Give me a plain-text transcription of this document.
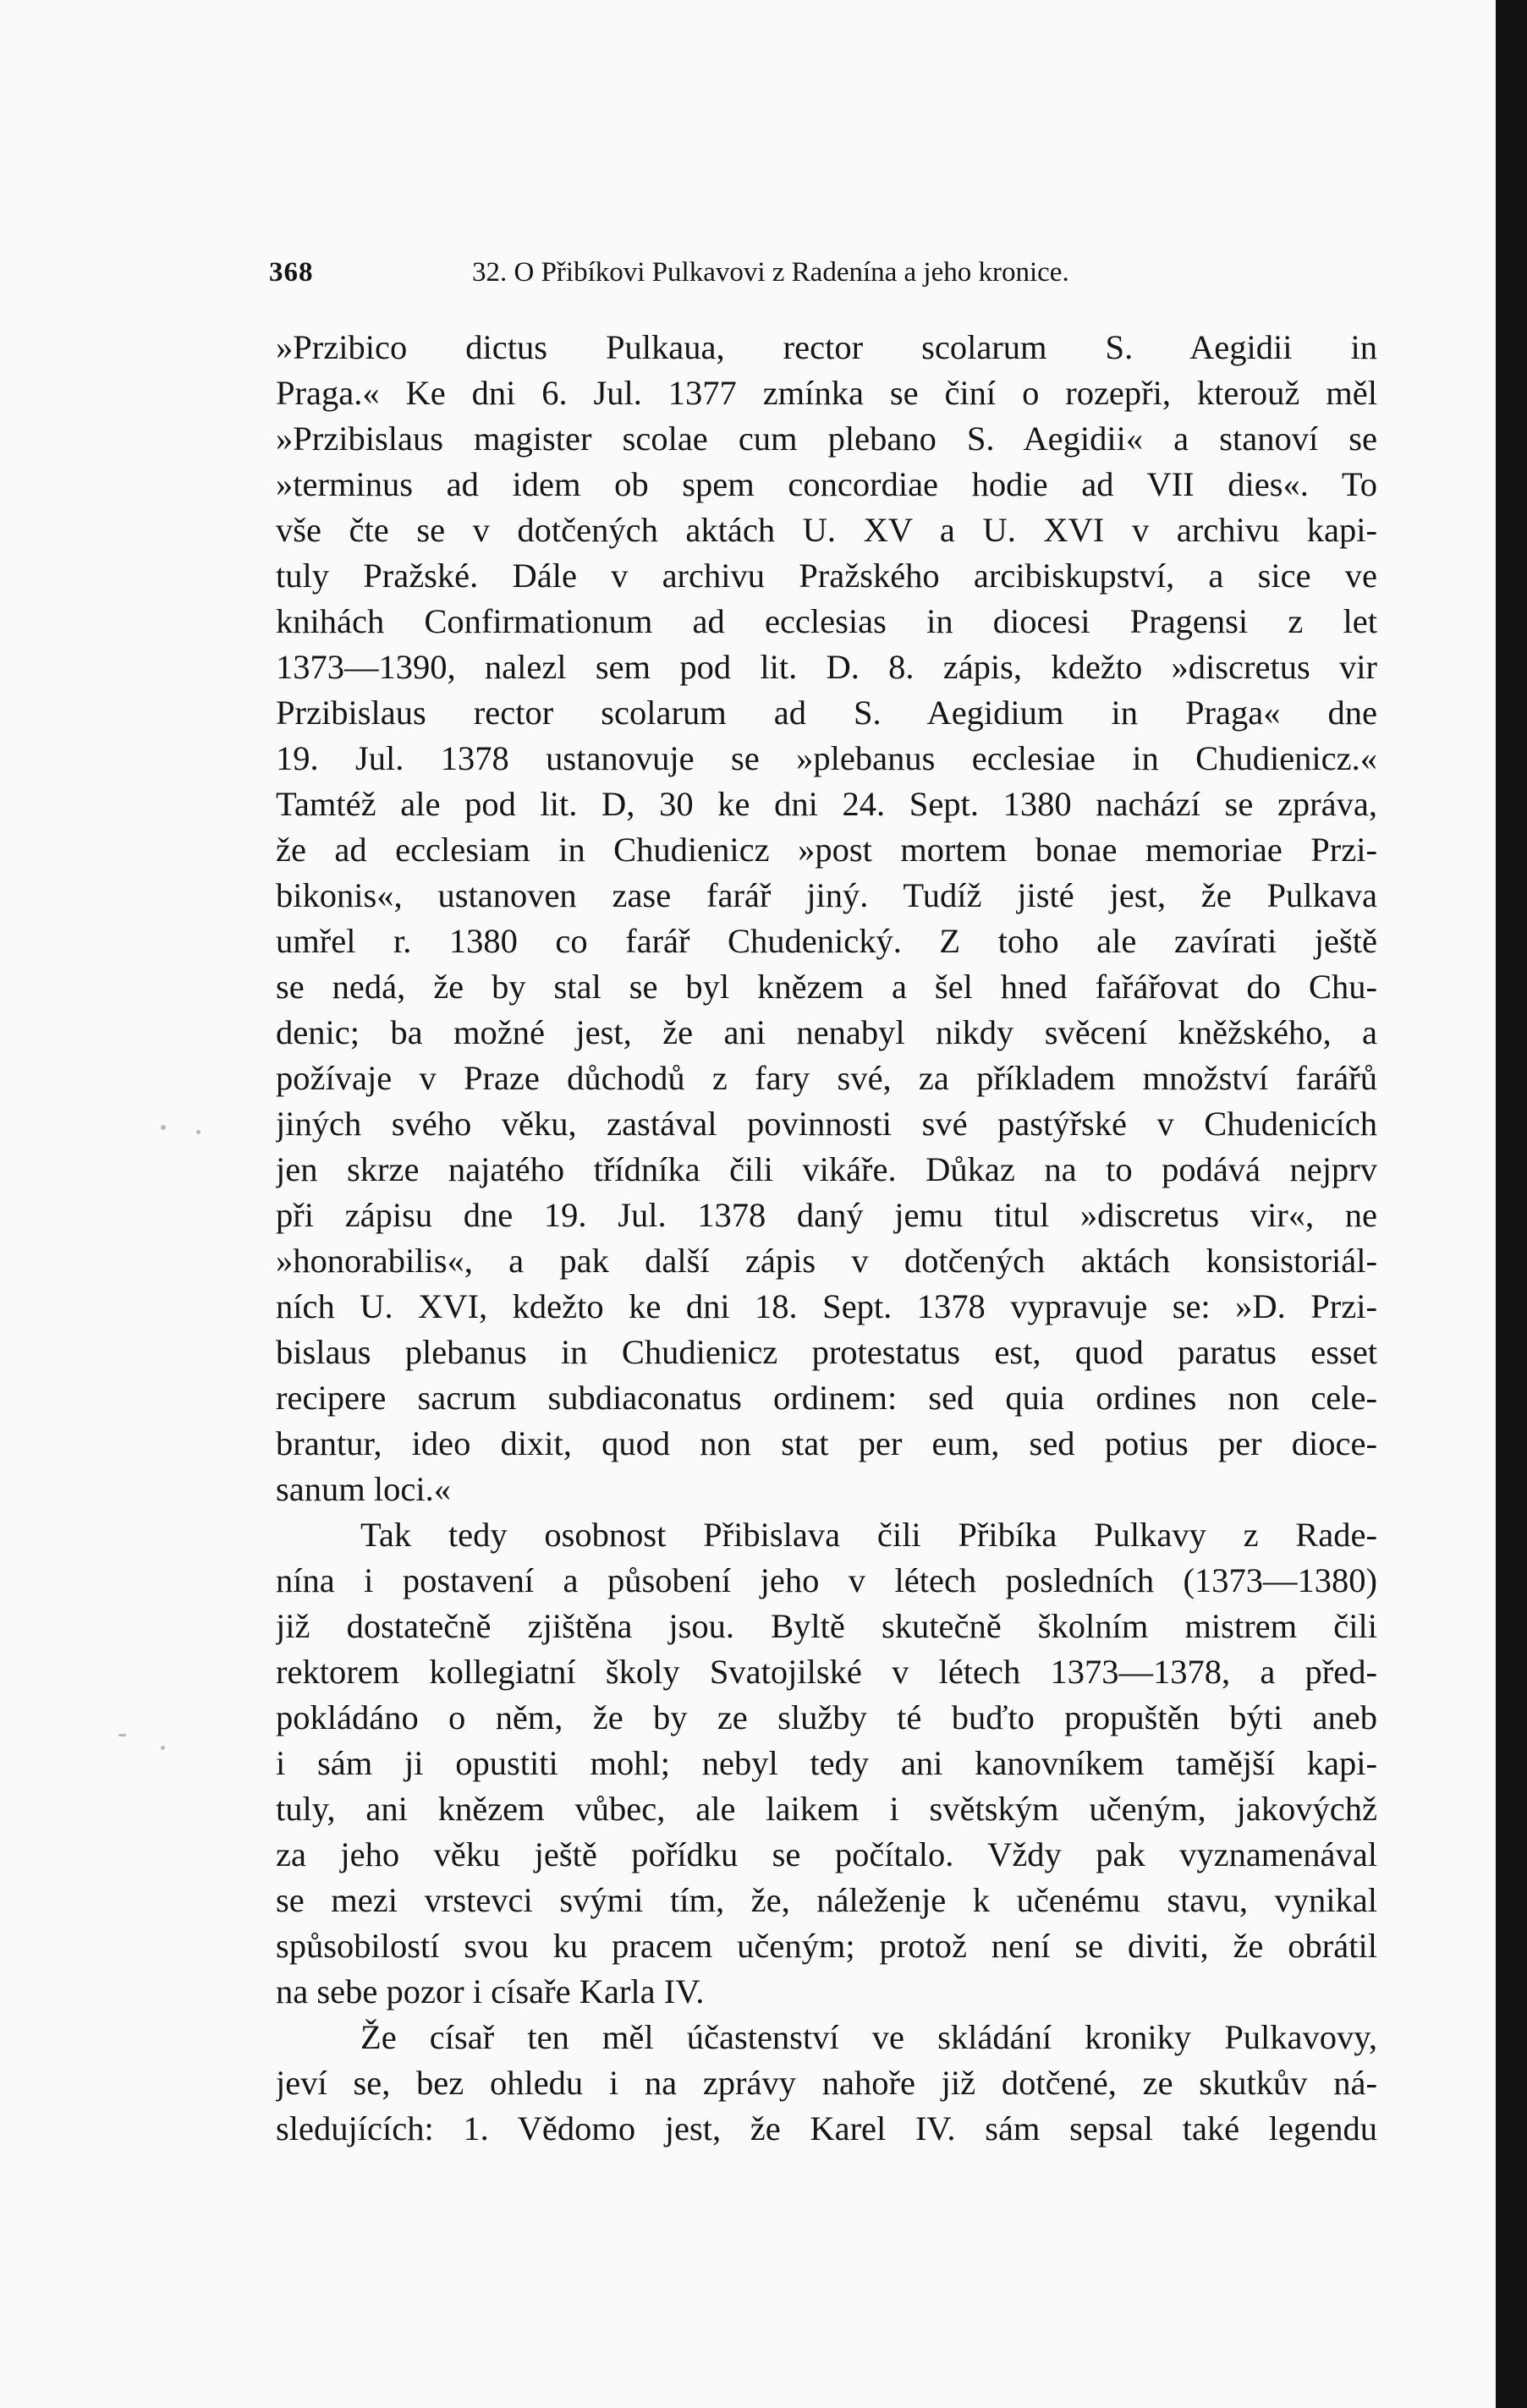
368	32. O Přibíkovi Pulkavovi z Radenína a jeho kronice.

»Przibico dictus Pulkaua, rector scolarum S. Aegidii in
Praga.« Ke dni 6. Jul. 1377 zmínka se činí o rozepři, kterouž měl
»Przibislaus magister scolae cum plebano S. Aegidii« a stanoví se
»terminus ad idem ob spem concordiae hodie ad VII dies«. To
vše čte se v dotčených aktách U. XV a U. XVI v archivu kapi-
tuly Pražské. Dále v archivu Pražského arcibiskupství, a sice ve
knihách Confirmationum ad ecclesias in diocesi Pragensi z let
1373—1390, nalezl sem pod lit. D. 8. zápis, kdežto »discretus vir
Przibislaus rector scolarum ad S. Aegidium in Praga« dne
19. Jul. 1378 ustanovuje se »plebanus ecclesiae in Chudienicz.«
Tamtéž ale pod lit. D, 30 ke dni 24. Sept. 1380 nachází se zpráva,
že ad ecclesiam in Chudienicz »post mortem bonae memoriae Przi-
bikonis«, ustanoven zase farář jiný. Tudíž jisté jest, že Pulkava
umřel r. 1380 co farář Chudenický. Z toho ale zavírati ještě
se nedá, že by stal se byl knězem a šel hned fařářovat do Chu-
denic; ba možné jest, že ani nenabyl nikdy svěcení kněžského, a
požívaje v Praze důchodů z fary své, za příkladem množství farářů
jiných svého věku, zastával povinnosti své pastýřské v Chudenicích
jen skrze najatého třídníka čili vikáře. Důkaz na to podává nejprv
při zápisu dne 19. Jul. 1378 daný jemu titul »discretus vir«, ne
»honorabilis«, a pak další zápis v dotčených aktách konsistoriál-
ních U. XVI, kdežto ke dni 18. Sept. 1378 vypravuje se: »D. Przi-
bislaus plebanus in Chudienicz protestatus est, quod paratus esset
recipere sacrum subdiaconatus ordinem: sed quia ordines non cele-
brantur, ideo dixit, quod non stat per eum, sed potius per dioce-
sanum loci.«

Tak tedy osobnost Přibislava čili Přibíka Pulkavy z Rade-
nína i postavení a působení jeho v létech posledních (1373—1380)
již dostatečně zjištěna jsou. Byltě skutečně školním mistrem čili
rektorem kollegiatní školy Svatojilské v létech 1373—1378, a před-
pokládáno o něm, že by ze služby té buďto propuštěn býti aneb
i sám ji opustiti mohl; nebyl tedy ani kanovníkem tamější kapi-
tuly, ani knězem vůbec, ale laikem i světským učeným, jakovýchž
za jeho věku ještě pořídku se počítalo. Vždy pak vyznamenával
se mezi vrstevci svými tím, že, náleženje k učenému stavu, vynikal
spůsobilostí svou ku pracem učeným; protož není se diviti, že obrátil
na sebe pozor i císaře Karla IV.

Že císař ten měl účastenství ve skládání kroniky Pulkavovy,
jeví se, bez ohledu i na zprávy nahoře již dotčené, ze skutkův ná-
sledujících: 1. Vědomo jest, že Karel IV. sám sepsal také legendu
